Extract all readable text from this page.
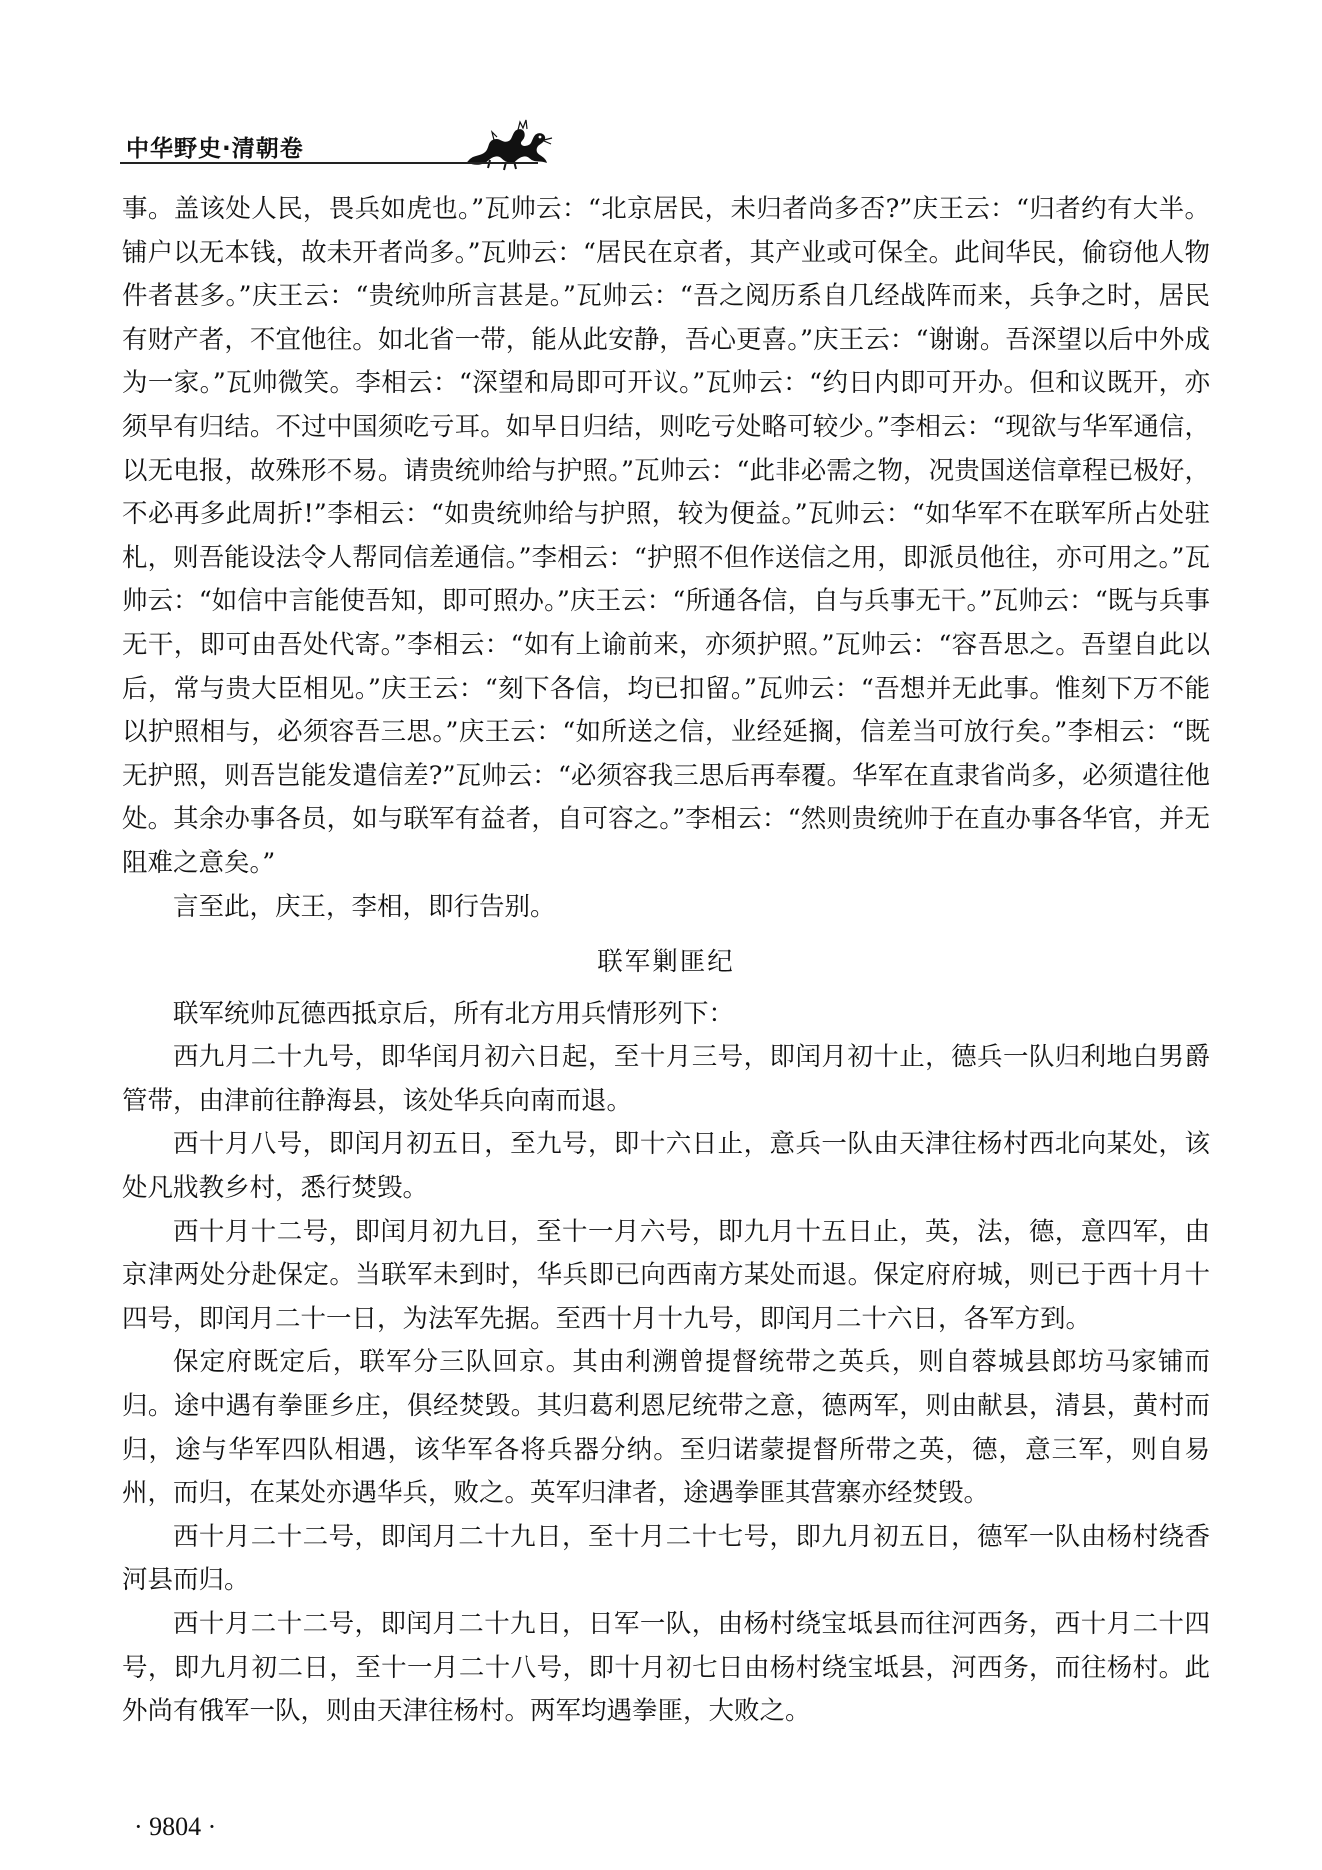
中华野史·清朝卷

事。盖该处人民，畏兵如虎也。”瓦帅云：“北京居民，未归者尚多否?”庆王云：“归者约有大半。铺户以无本钱，故未开者尚多。”瓦帅云：“居民在京者，其产业或可保全。此间华民，偷窃他人物件者甚多。”庆王云：“贵统帅所言甚是。”瓦帅云：“吾之阅历系自几经战阵而来，兵争之时，居民有财产者，不宜他往。如北省一带，能从此安静，吾心更喜。”庆王云：“谢谢。吾深望以后中外成为一家。”瓦帅微笑。李相云：“深望和局即可开议。”瓦帅云：“约日内即可开办。但和议既开，亦须早有归结。不过中国须吃亏耳。如早日归结，则吃亏处略可较少。”李相云：“现欲与华军通信，以无电报，故殊形不易。请贵统帅给与护照。”瓦帅云：“此非必需之物，况贵国送信章程已极好，不必再多此周折!”李相云：“如贵统帅给与护照，较为便益。”瓦帅云：“如华军不在联军所占处驻札，则吾能设法令人帮同信差通信。”李相云：“护照不但作送信之用，即派员他往，亦可用之。”瓦帅云：“如信中言能使吾知，即可照办。”庆王云：“所通各信，自与兵事无干。”瓦帅云：“既与兵事无干，即可由吾处代寄。”李相云：“如有上谕前来，亦须护照。”瓦帅云：“容吾思之。吾望自此以后，常与贵大臣相见。”庆王云：“刻下各信，均已扣留。”瓦帅云：“吾想并无此事。惟刻下万不能以护照相与，必须容吾三思。”庆王云：“如所送之信，业经延搁，信差当可放行矣。”李相云：“既无护照，则吾岂能发遣信差?”瓦帅云：“必须容我三思后再奉覆。华军在直隶省尚多，必须遣往他处。其余办事各员，如与联军有益者，自可容之。”李相云：“然则贵统帅于在直办事各华官，并无阻难之意矣。”

言至此，庆王，李相，即行告别。

联军剿匪纪

联军统帅瓦德西抵京后，所有北方用兵情形列下：

西九月二十九号，即华闰月初六日起，至十月三号，即闰月初十止，德兵一队归利地白男爵管带，由津前往静海县，该处华兵向南而退。

西十月八号，即闰月初五日，至九号，即十六日止，意兵一队由天津往杨村西北向某处，该处凡戕教乡村，悉行焚毁。

西十月十二号，即闰月初九日，至十一月六号，即九月十五日止，英，法，德，意四军，由京津两处分赴保定。当联军未到时，华兵即已向西南方某处而退。保定府府城，则已于西十月十四号，即闰月二十一日，为法军先据。至西十月十九号，即闰月二十六日，各军方到。

保定府既定后，联军分三队回京。其由利溯曾提督统带之英兵，则自蓉城县郎坊马家铺而归。途中遇有拳匪乡庄，俱经焚毁。其归葛利恩尼统带之意，德两军，则由献县，清县，黄村而归，途与华军四队相遇，该华军各将兵器分纳。至归诺蒙提督所带之英，德，意三军，则自易州，而归，在某处亦遇华兵，败之。英军归津者，途遇拳匪其营寨亦经焚毁。

西十月二十二号，即闰月二十九日，至十月二十七号，即九月初五日，德军一队由杨村绕香河县而归。

西十月二十二号，即闰月二十九日，日军一队，由杨村绕宝坻县而往河西务，西十月二十四号，即九月初二日，至十一月二十八号，即十月初七日由杨村绕宝坻县，河西务，而往杨村。此外尚有俄军一队，则由天津往杨村。两军均遇拳匪，大败之。

· 9804 ·
